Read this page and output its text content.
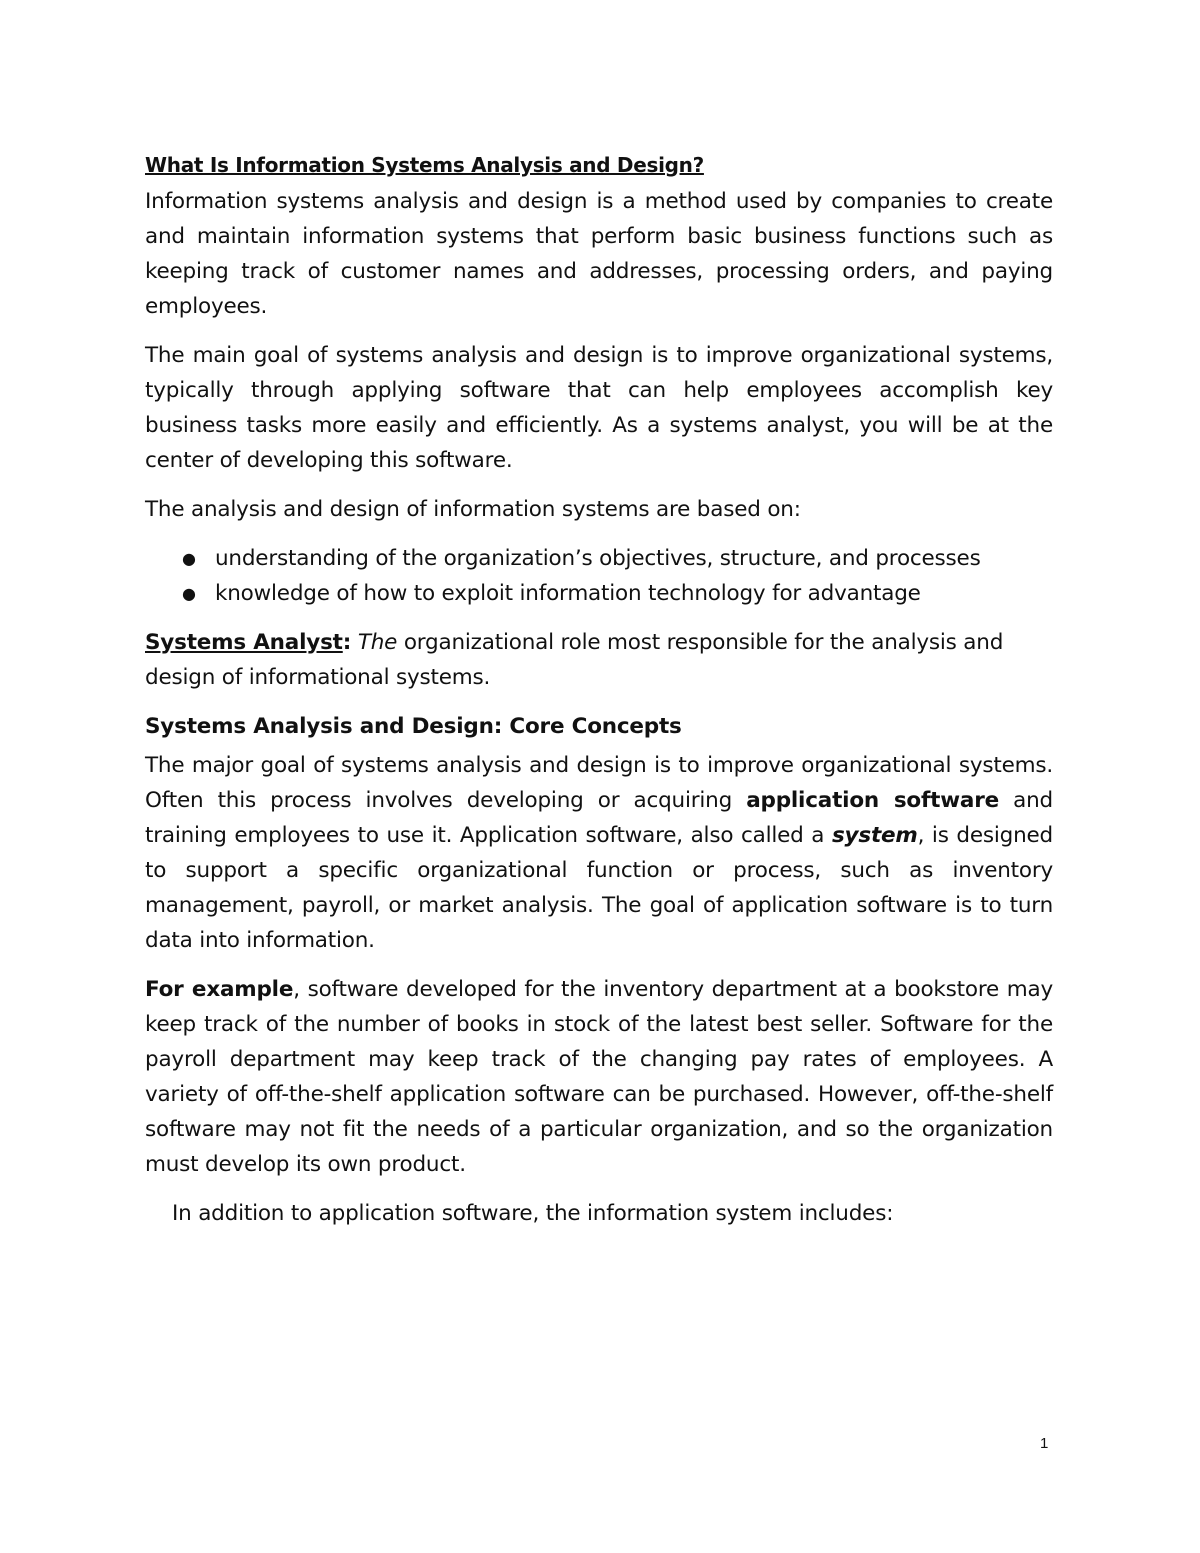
What Is Information Systems Analysis and Design?

Information systems analysis and design is a method used by companies to create and maintain information systems that perform basic business functions such as keeping track of customer names and addresses, processing orders, and paying employees.

The main goal of systems analysis and design is to improve organizational systems, typically through applying software that can help employees accomplish key business tasks more easily and efficiently. As a systems analyst, you will be at the center of developing this software.

The analysis and design of information systems are based on:

● understanding of the organization’s objectives, structure, and processes
● knowledge of how to exploit information technology for advantage

Systems Analyst: The organizational role most responsible for the analysis and design of informational systems.

Systems Analysis and Design: Core Concepts

The major goal of systems analysis and design is to improve organizational systems. Often this process involves developing or acquiring application software and training employees to use it. Application software, also called a system, is designed to support a specific organizational function or process, such as inventory management, payroll, or market analysis. The goal of application software is to turn data into information.

For example, software developed for the inventory department at a bookstore may keep track of the number of books in stock of the latest best seller. Software for the payroll department may keep track of the changing pay rates of employees. A variety of off-the-shelf application software can be purchased. However, off-the-shelf software may not fit the needs of a particular organization, and so the organization must develop its own product.

In addition to application software, the information system includes:

1
